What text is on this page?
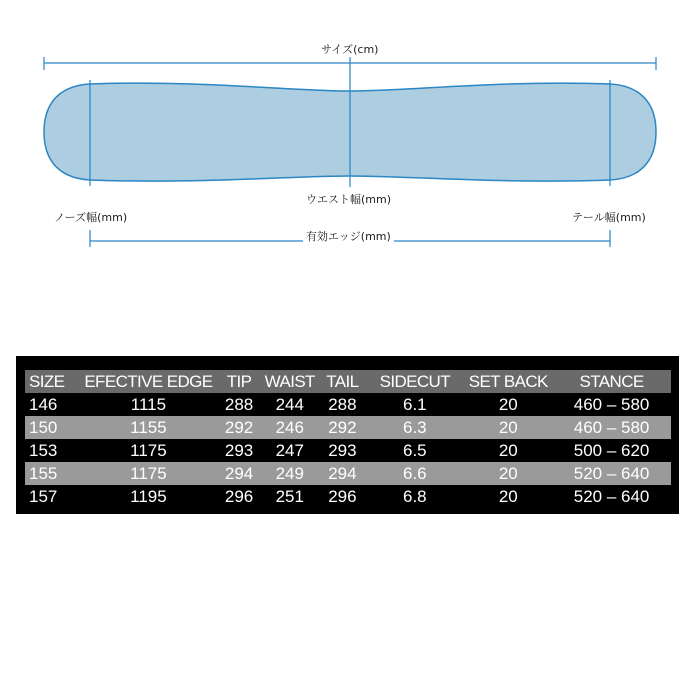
サイズ(cm)
ウエスト幅(mm)
ノーズ幅(mm)	テール幅(mm)
有効エッジ(mm)
SIZE	EFECTIVE EDGE	TIP	WAIST	TAIL	SIDECUT	SET BACK	STANCE
146	1115	288	244	288	6.1	20	460 – 580
150	1155	292	246	292	6.3	20	460 – 580
153	1175	293	247	293	6.5	20	500 – 620
155	1175	294	249	294	6.6	20	520 – 640
157	1195	296	251	296	6.8	20	520 – 640
